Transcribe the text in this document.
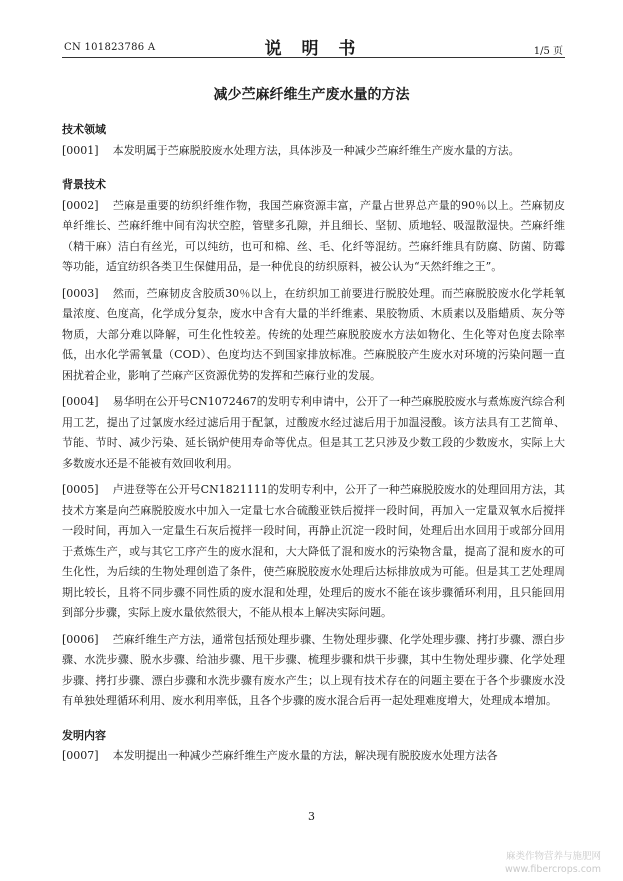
CN 101823786 A	说 明 书	1/5 页
减少苎麻纤维生产废水量的方法

技术领域

[0001] 本发明属于苎麻脱胶废水处理方法，具体涉及一种减少苎麻纤维生产废水量的方法。

背景技术

[0002] 苎麻是重要的纺织纤维作物，我国苎麻资源丰富，产量占世界总产量的90％以上。苎麻韧皮单纤维长、苎麻纤维中间有沟状空腔，管壁多孔隙，并且细长、坚韧、质地轻、吸湿散湿快。苎麻纤维（精干麻）洁白有丝光，可以纯纺，也可和棉、丝、毛、化纤等混纺。苎麻纤维具有防腐、防菌、防霉等功能，适宜纺织各类卫生保健用品，是一种优良的纺织原料，被公认为“天然纤维之王”。

[0003] 然而，苎麻韧皮含胶质30％以上，在纺织加工前要进行脱胶处理。而苎麻脱胶废水化学耗氧量浓度、色度高，化学成分复杂，废水中含有大量的半纤维素、果胶物质、木质素以及脂蜡质、灰分等物质，大部分难以降解，可生化性较差。传统的处理苎麻脱胶废水方法如物化、生化等对色度去除率低，出水化学需氧量（COD）、色度均达不到国家排放标准。苎麻脱胶产生废水对环境的污染问题一直困扰着企业，影响了苎麻产区资源优势的发挥和苎麻行业的发展。

[0004] 易华明在公开号CN1072467的发明专利申请中，公开了一种苎麻脱胶废水与煮炼废汽综合利用工艺，提出了过氯废水经过滤后用于配氯，过酸废水经过滤后用于加温浸酸。该方法具有工艺简单、节能、节时、减少污染、延长锅炉使用寿命等优点。但是其工艺只涉及少数工段的少数废水，实际上大多数废水还是不能被有效回收利用。

[0005] 卢进登等在公开号CN1821111的发明专利中，公开了一种苎麻脱胶废水的处理回用方法，其技术方案是向苎麻脱胶废水中加入一定量七水合硫酸亚铁后搅拌一段时间，再加入一定量双氧水后搅拌一段时间，再加入一定量生石灰后搅拌一段时间，再静止沉淀一段时间，处理后出水回用于或部分回用于煮炼生产，或与其它工序产生的废水混和，大大降低了混和废水的污染物含量，提高了混和废水的可生化性，为后续的生物处理创造了条件，使苎麻脱胶废水处理后达标排放成为可能。但是其工艺处理周期比较长，且将不同步骤不同性质的废水混和处理，处理后的废水不能在该步骤循环利用，且只能回用到部分步骤，实际上废水量依然很大，不能从根本上解决实际问题。

[0006] 苎麻纤维生产方法，通常包括预处理步骤、生物处理步骤、化学处理步骤、拷打步骤、漂白步骤、水洗步骤、脱水步骤、给油步骤、甩干步骤、梳理步骤和烘干步骤，其中生物处理步骤、化学处理步骤、拷打步骤、漂白步骤和水洗步骤有废水产生；以上现有技术存在的问题主要在于各个步骤废水没有单独处理循环利用、废水利用率低，且各个步骤的废水混合后再一起处理难度增大，处理成本增加。

发明内容

[0007] 本发明提出一种减少苎麻纤维生产废水量的方法，解决现有脱胶废水处理方法各

3
麻类作物营养与施肥网
www.fibercrops.com
